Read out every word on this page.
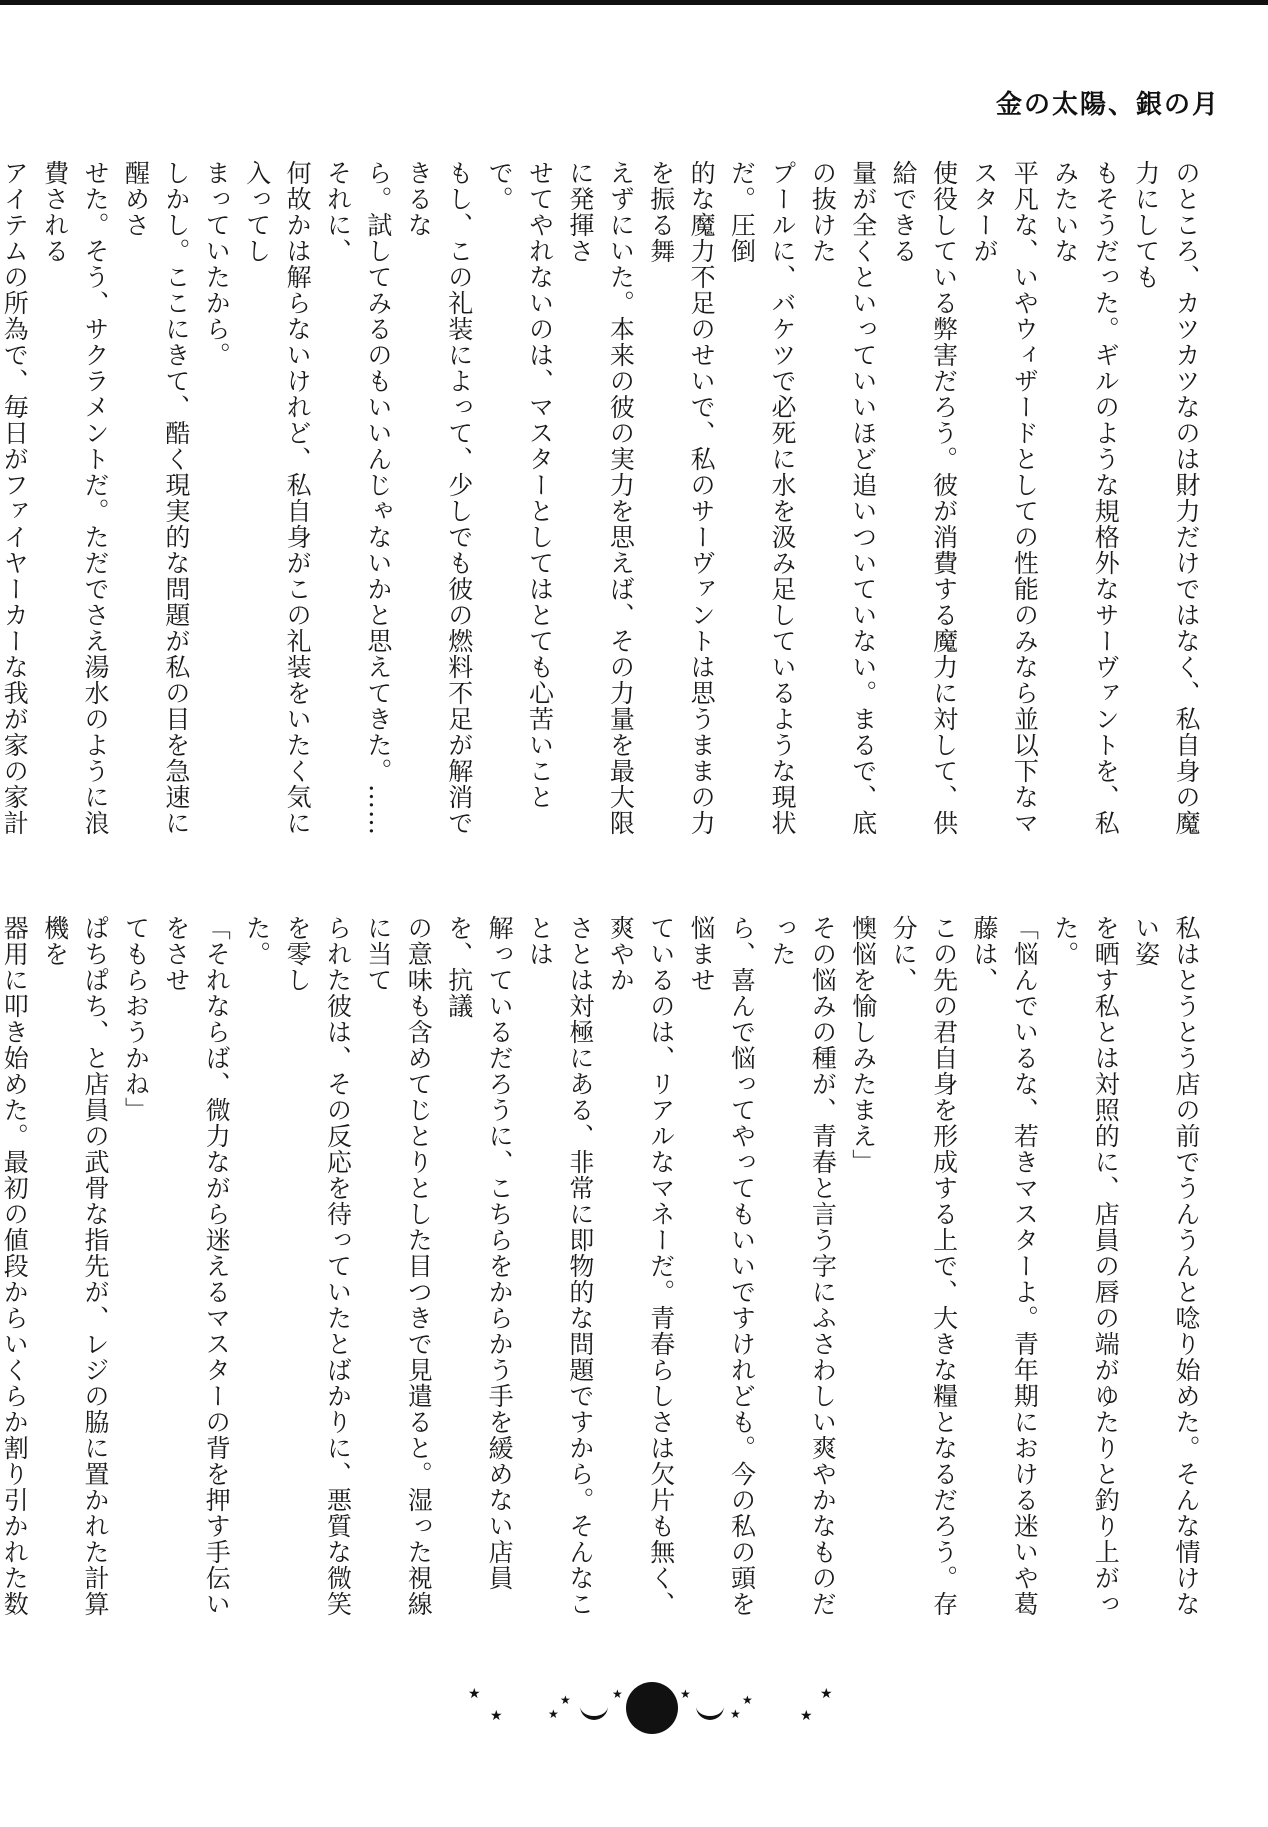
金の太陽、銀の月

のところ、カツカツなのは財力だけではなく、私自身の魔力にしても

もそうだった。ギルのような規格外なサーヴァントを、私みたいな

平凡な、いやウィザードとしての性能のみなら並以下なマスターが

使役している弊害だろう。彼が消費する魔力に対して、供給できる

量が全くといっていいほど追いついていない。まるで、底の抜けた

プールに、バケツで必死に水を汲み足しているような現状だ。圧倒

的な魔力不足のせいで、私のサーヴァントは思うままの力を振る舞

えずにいた。本来の彼の実力を思えば、その力量を最大限に発揮さ

せてやれないのは、マスターとしてはとても心苦いことで。

もし、この礼装によって、少しでも彼の燃料不足が解消できるな

ら。試してみるのもいいんじゃないかと思えてきた。……それに、

何故かは解らないけれど、私自身がこの礼装をいたく気に入ってし

まっていたから。

しかし。ここにきて、酷く現実的な問題が私の目を急速に醒めさ

せた。そう、サクラメントだ。ただでさえ湯水のように浪費される

アイテムの所為で、毎日がファイヤーカーな我が家の家計

私はとうとう店の前でうんうんと唸り始めた。そんな情けない姿

を晒す私とは対照的に、店員の唇の端がゆたりと釣り上がった。

「悩んでいるな、若きマスターよ。青年期における迷いや葛藤は、

この先の君自身を形成する上で、大きな糧となるだろう。存分に、

懊悩を愉しみたまえ」

その悩みの種が、青春と言う字にふさわしい爽やかなものだった

ら、喜んで悩ってやってもいいですけれども。今の私の頭を悩ませ

ているのは、リアルなマネーだ。青春らしさは欠片も無く、爽やか

さとは対極にある、非常に即物的な問題ですから。そんなことは

解っているだろうに、こちらをからかう手を緩めない店員を、抗議

の意味も含めてじとりとした目つきで見遣ると。湿った視線に当て

られた彼は、その反応を待っていたとばかりに、悪質な微笑を零し

た。

「それならば、微力ながら迷えるマスターの背を押す手伝いをさせ

てもらおうかね」

ぱちぱち、と店員の武骨な指先が、レジの脇に置かれた計算機を

器用に叩き始めた。最初の値段からいくらか割り引かれた数

★
★	★
★	★	★
★
★
★
★
